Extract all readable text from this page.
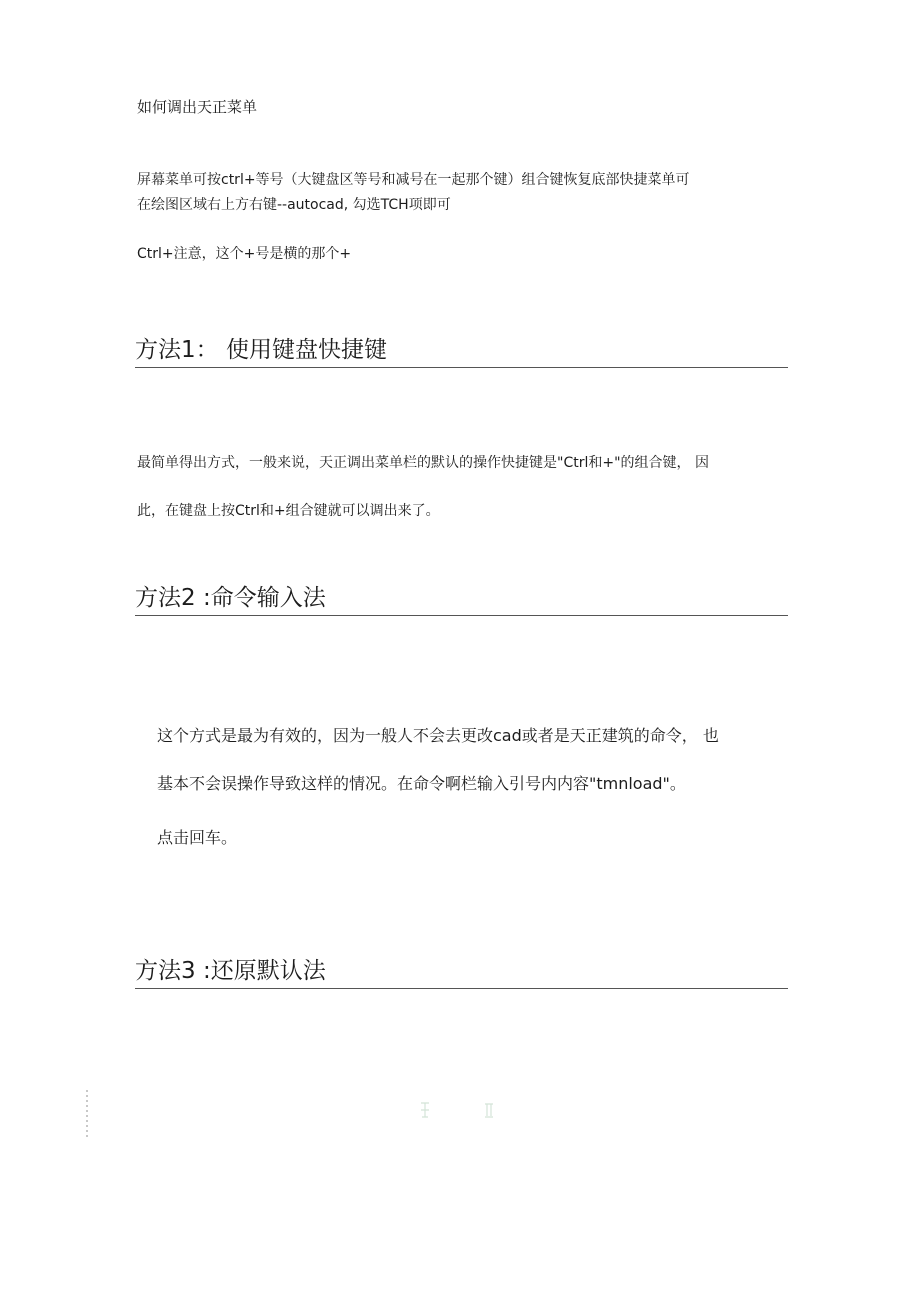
如何调出天正菜单

屏幕菜单可按ctrl+等号（大键盘区等号和减号在一起那个键）组合键恢复底部快捷菜单可

在绘图区域右上方右键--autocad, 勾选TCH项即可

Ctrl+注意，这个+号是横的那个+

方法1： 使用键盘快捷键

最简单得出方式，一般来说，天正调出菜单栏的默认的操作快捷键是"Ctrl和+"的组合键， 因

此，在键盘上按Ctrl和+组合键就可以调出来了。

方法2 :命令输入法

这个方式是最为有效的，因为一般人不会去更改cad或者是天正建筑的命令， 也

基本不会误操作导致这样的情况。在命令啊栏输入引号内内容"tmnload"。

点击回车。

方法3 :还原默认法
